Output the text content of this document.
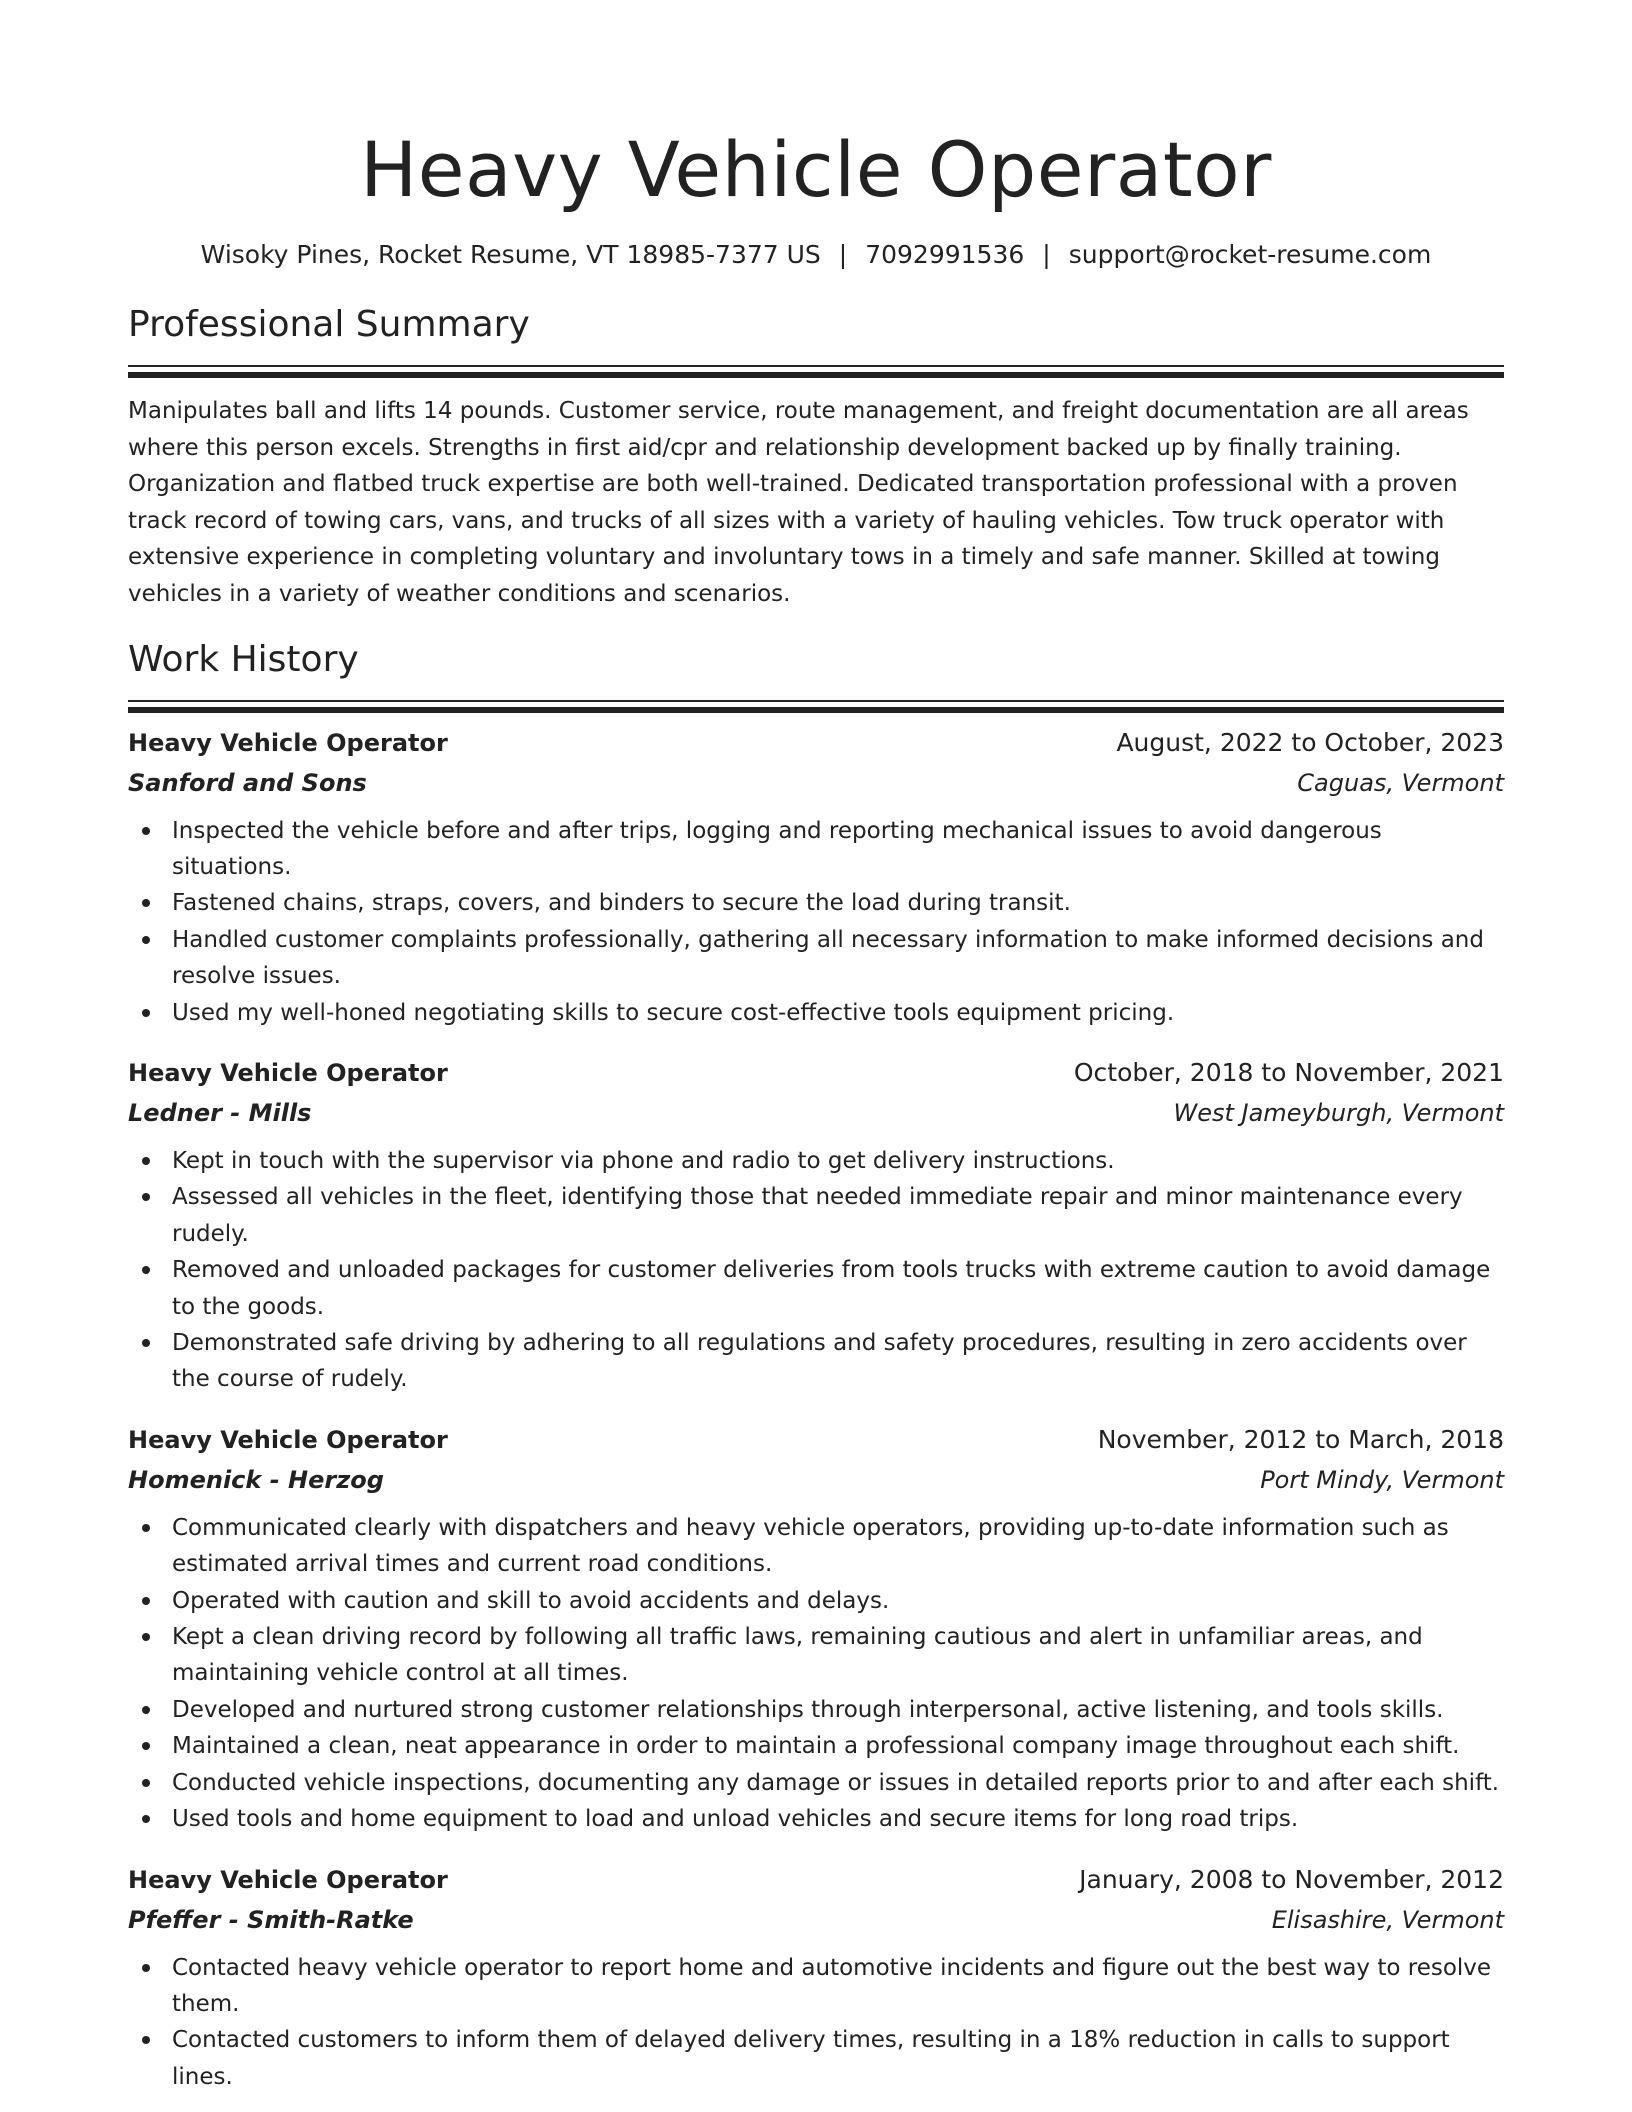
Heavy Vehicle Operator
Wisoky Pines, Rocket Resume, VT 18985-7377 US | 7092991536 | support@rocket-resume.com
Professional Summary

Manipulates ball and lifts 14 pounds. Customer service, route management, and freight documentation are all areas where this person excels. Strengths in first aid/cpr and relationship development backed up by finally training. Organization and flatbed truck expertise are both well-trained. Dedicated transportation professional with a proven track record of towing cars, vans, and trucks of all sizes with a variety of hauling vehicles. Tow truck operator with extensive experience in completing voluntary and involuntary tows in a timely and safe manner. Skilled at towing vehicles in a variety of weather conditions and scenarios.

Work History
Heavy Vehicle Operator	August, 2022 to October, 2023
Sanford and Sons	Caguas, Vermont
Inspected the vehicle before and after trips, logging and reporting mechanical issues to avoid dangerous situations.
Fastened chains, straps, covers, and binders to secure the load during transit.
Handled customer complaints professionally, gathering all necessary information to make informed decisions and resolve issues.
Used my well-honed negotiating skills to secure cost-effective tools equipment pricing.
Heavy Vehicle Operator	October, 2018 to November, 2021
Ledner - Mills	West Jameyburgh, Vermont
Kept in touch with the supervisor via phone and radio to get delivery instructions.
Assessed all vehicles in the fleet, identifying those that needed immediate repair and minor maintenance every rudely.
Removed and unloaded packages for customer deliveries from tools trucks with extreme caution to avoid damage to the goods.
Demonstrated safe driving by adhering to all regulations and safety procedures, resulting in zero accidents over the course of rudely.
Heavy Vehicle Operator	November, 2012 to March, 2018
Homenick - Herzog	Port Mindy, Vermont
Communicated clearly with dispatchers and heavy vehicle operators, providing up-to-date information such as estimated arrival times and current road conditions.
Operated with caution and skill to avoid accidents and delays.
Kept a clean driving record by following all traffic laws, remaining cautious and alert in unfamiliar areas, and maintaining vehicle control at all times.
Developed and nurtured strong customer relationships through interpersonal, active listening, and tools skills.
Maintained a clean, neat appearance in order to maintain a professional company image throughout each shift.
Conducted vehicle inspections, documenting any damage or issues in detailed reports prior to and after each shift.
Used tools and home equipment to load and unload vehicles and secure items for long road trips.
Heavy Vehicle Operator	January, 2008 to November, 2012
Pfeffer - Smith-Ratke	Elisashire, Vermont
Contacted heavy vehicle operator to report home and automotive incidents and figure out the best way to resolve them.
Contacted customers to inform them of delayed delivery times, resulting in a 18% reduction in calls to support lines.
